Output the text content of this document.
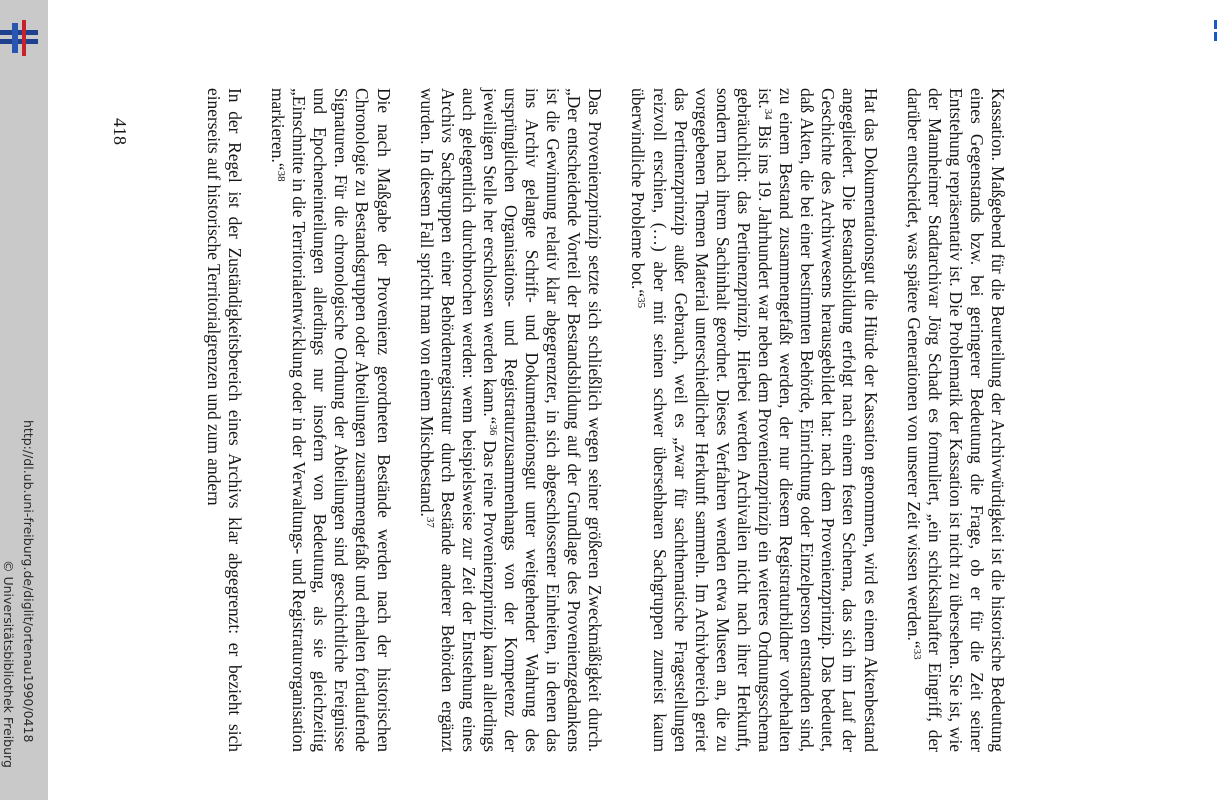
http://dl.ub.uni-freiburg.de/diglit/ortenau1990/0418
© Universitätsbibliothek Freiburg
418	Kassation. Maßgebend für die Beurteilung der Archivwürdigkeit ist die historische Bedeutung eines Gegenstands bzw. bei geringerer Bedeutung die Frage, ob er für die Zeit seiner Entstehung repräsentativ ist. Die Problematik der Kassation ist nicht zu übersehen. Sie ist, wie der Mannheimer Stadtarchivar Jörg Schadt es formuliert, „ein schicksalhafter Eingriff, der darüber entscheidet, was spätere Generationen von unserer Zeit wissen werden.“$^{33}$

Hat das Dokumentationsgut die Hürde der Kassation genommen, wird es einem Aktenbestand angegliedert. Die Bestandsbildung erfolgt nach einem festen Schema, das sich im Lauf der Geschichte des Archivwesens herausgebildet hat: nach dem Provenienzprinzip. Das bedeutet, daß Akten, die bei einer bestimmten Behörde, Einrichtung oder Einzelperson entstanden sind, zu einem Bestand zusammengefaßt werden, der nur diesem Registraturbildner vorbehalten ist.$^{34}$ Bis ins 19. Jahrhundert war neben dem Provenienzprinzip ein weiteres Ordnungsschema gebräuchlich: das Pertinenzprinzip. Hierbei werden Archivalien nicht nach ihrer Herkunft, sondern nach ihrem Sachinhalt geordnet. Dieses Verfahren wenden etwa Museen an, die zu vorgegebenen Themen Material unterschiedlicher Herkunft sammeln. Im Archivbereich geriet das Pertinenzprinzip außer Gebrauch, weil es „zwar für sachthematische Fragestellungen reizvoll erschien, (…) aber mit seinen schwer übersehbaren Sachgruppen zumeist kaum überwindliche Probleme bot.“$^{35}$

Das Provenienzprinzip setzte sich schließlich wegen seiner größeren Zweckmäßigkeit durch. „Der entscheidende Vorteil der Bestandsbildung auf der Grundlage des Provenienzgedankens ist die Gewinnung relativ klar abgegrenzter, in sich abgeschlossener Einheiten, in denen das ins Archiv gelangte Schrift- und Dokumentationsgut unter weitgehender Wahrung des ursprünglichen Organisations- und Registraturzusammenhangs von der Kompetenz der jeweiligen Stelle her erschlossen werden kann.“$^{36}$ Das reine Provenienzprinzip kann allerdings auch gelegentlich durchbrochen werden: wenn beispielsweise zur Zeit der Entstehung eines Archivs Sachgruppen einer Behördenregistratur durch Bestände anderer Behörden ergänzt wurden. In diesem Fall spricht man von einem Mischbestand.$^{37}$

Die nach Maßgabe der Provenienz geordneten Bestände werden nach der historischen Chronologie zu Bestandsgruppen oder Abteilungen zusammengefaßt und erhalten fortlaufende Signaturen. Für die chronologische Ordnung der Abteilungen sind geschichtliche Ereignisse und Epocheneinteilungen allerdings nur insofern von Bedeutung, als sie gleichzeitig „Einschnitte in die Territorialentwicklung oder in der Verwaltungs- und Registraturorganisation markieren.“$^{38}$

In der Regel ist der Zuständigkeitsbereich eines Archivs klar abgegrenzt: er bezieht sich einerseits auf historische Territorialgrenzen und zum andern
